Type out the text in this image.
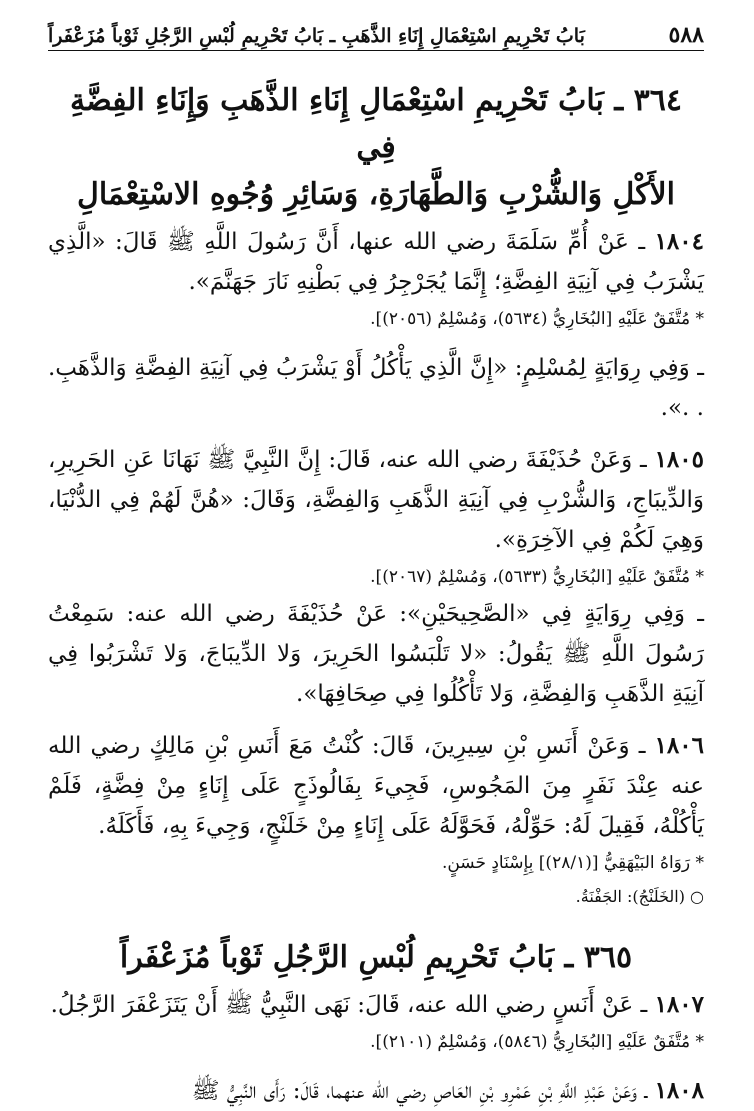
٥٨٨
بَابُ تَحْرِيمِ اسْتِعْمَالِ إِنَاءِ الذَّهَبِ ـ بَابُ تَحْرِيمِ لُبْسِ الرَّجُلِ ثَوْباً مُزَعْفَراً
٣٦٤ ـ بَابُ تَحْرِيمِ اسْتِعْمَالِ إِنَاءِ الذَّهَبِ وَإِنَاءِ الفِضَّةِ فِي
الأَكْلِ وَالشُّرْبِ وَالطَّهَارَةِ، وَسَائِرِ وُجُوهِ الاسْتِعْمَالِ

١٨٠٤ ـ عَنْ أُمِّ سَلَمَةَ رضي الله عنها، أَنَّ رَسُولَ اللَّهِ ﷺ قَالَ: «الَّذِي يَشْرَبُ فِي آنِيَةِ الفِضَّةِ؛ إِنَّمَا يُجَرْجِرُ فِي بَطْنِهِ نَارَ جَهَنَّمَ».

* مُتَّفَقٌ عَلَيْهِ [البُخَارِيُّ (٥٦٣٤)، وَمُسْلِمٌ (٢٠٥٦)].

ـ وَفِي رِوَايَةٍ لِمُسْلِمٍ: «إِنَّ الَّذِي يَأْكُلُ أَوْ يَشْرَبُ فِي آنِيَةِ الفِضَّةِ وَالذَّهَبِ. . .».

١٨٠٥ ـ وَعَنْ حُذَيْفَةَ رضي الله عنه، قَالَ: إِنَّ النَّبِيَّ ﷺ نَهَانَا عَنِ الحَرِيرِ، وَالدِّيبَاجِ، وَالشُّرْبِ فِي آنِيَةِ الذَّهَبِ وَالفِضَّةِ، وَقَالَ: «هُنَّ لَهُمْ فِي الدُّنْيَا، وَهِيَ لَكُمْ فِي الآخِرَةِ».

* مُتَّفَقٌ عَلَيْهِ [البُخَارِيُّ (٥٦٣٣)، وَمُسْلِمٌ (٢٠٦٧)].

ـ وَفِي رِوَايَةٍ فِي «الصَّحِيحَيْنِ»: عَنْ حُذَيْفَةَ رضي الله عنه: سَمِعْتُ رَسُولَ اللَّهِ ﷺ يَقُولُ: «لا تَلْبَسُوا الحَرِيرَ، وَلا الدِّيبَاجَ، وَلا تَشْرَبُوا فِي آنِيَةِ الذَّهَبِ وَالفِضَّةِ، وَلا تَأْكُلُوا فِي صِحَافِهَا».

١٨٠٦ ـ وَعَنْ أَنَسِ بْنِ سِيرِينَ، قَالَ: كُنْتُ مَعَ أَنَسِ بْنِ مَالِكٍ رضي الله عنه عِنْدَ نَفَرٍ مِنَ المَجُوسِ، فَجِيءَ بِفَالُوذَجٍ عَلَى إِنَاءٍ مِنْ فِضَّةٍ، فَلَمْ يَأْكُلْهُ، فَقِيلَ لَهُ: حَوِّلْهُ، فَحَوَّلَهُ عَلَى إِنَاءٍ مِنْ خَلَنْجٍ، وَجِيءَ بِهِ، فَأَكَلَهُ.

* رَوَاهُ البَيْهَقِيُّ [(٢٨/١)] بِإِسْنَادٍ حَسَنٍ.

○ (الخَلَنْجُ): الجَفْنَةُ.

٣٦٥ ـ بَابُ تَحْرِيمِ لُبْسِ الرَّجُلِ ثَوْباً مُزَعْفَراً

١٨٠٧ ـ عَنْ أَنَسٍ رضي الله عنه، قَالَ: نَهَى النَّبِيُّ ﷺ أَنْ يَتَزَعْفَرَ الرَّجُلُ.

* مُتَّفَقٌ عَلَيْهِ [البُخَارِيُّ (٥٨٤٦)، وَمُسْلِمٌ (٢١٠١)].

١٨٠٨ ـ وَعَنْ عَبْدِ اللَّهِ بْنِ عَمْرِو بْنِ العَاصِ رضي الله عنهما، قَالَ: رَأَى النَّبِيُّ ﷺ
